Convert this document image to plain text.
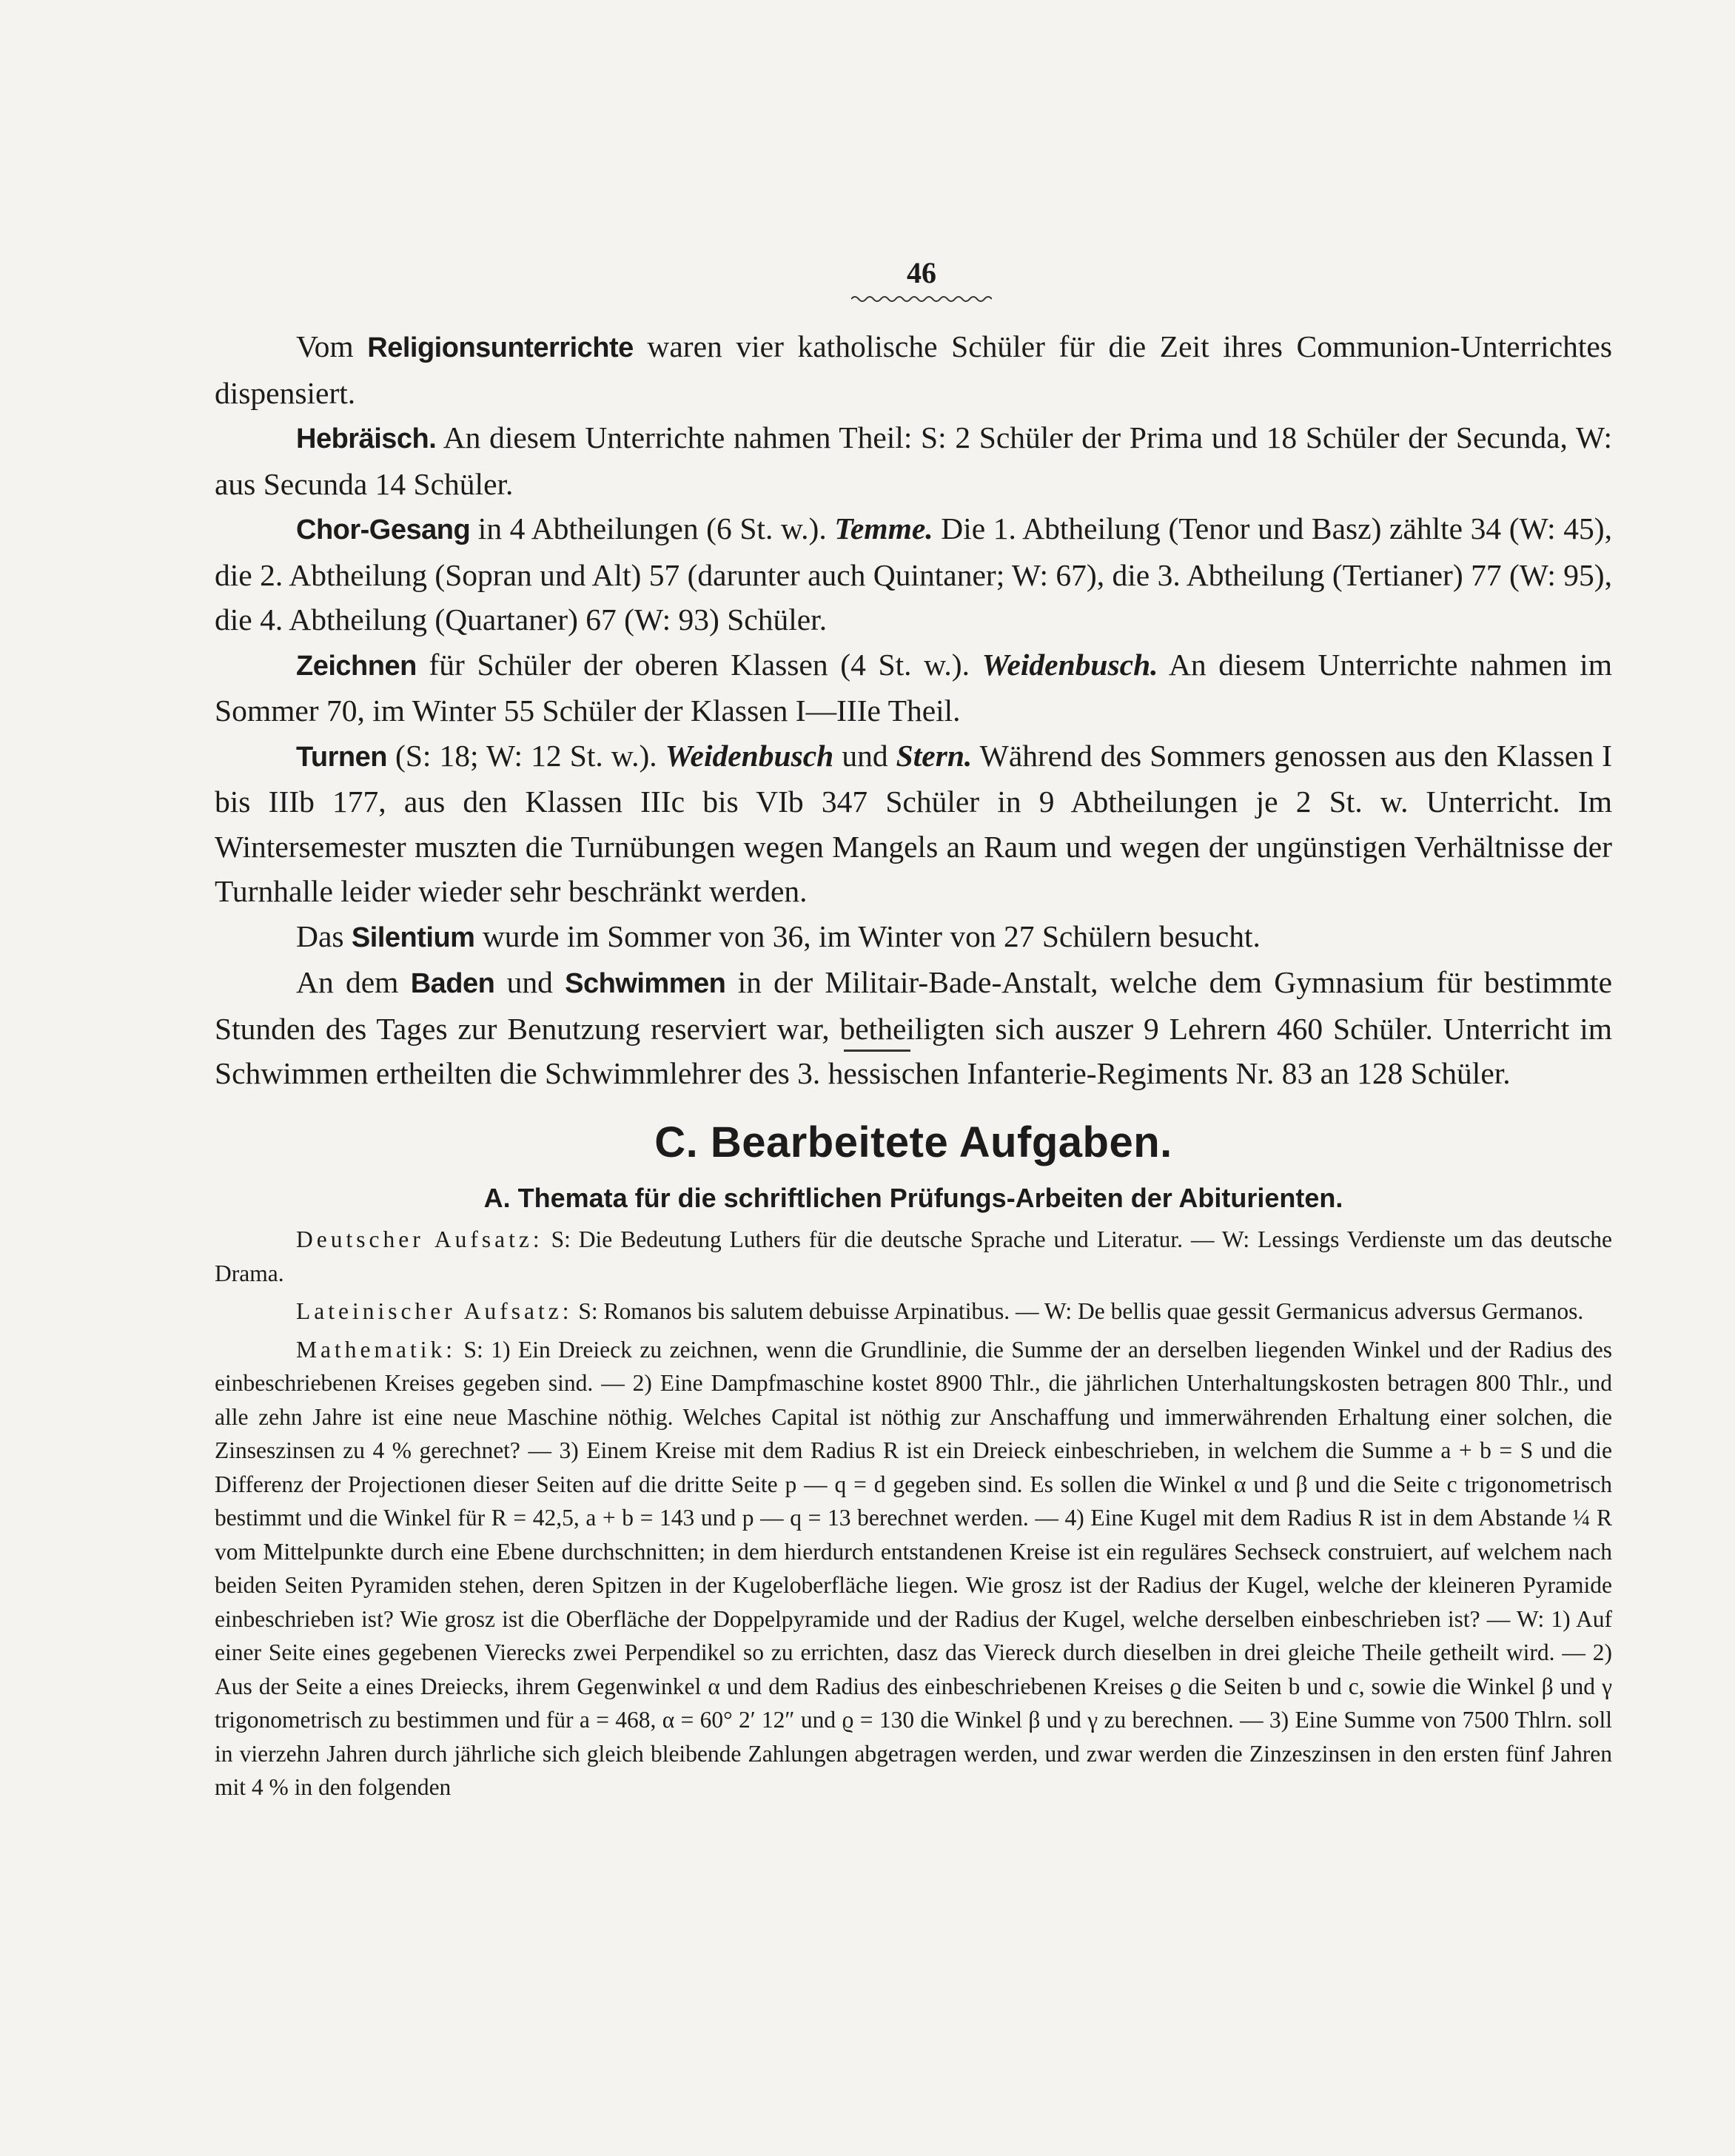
46

Vom Religionsunterrichte waren vier katholische Schüler für die Zeit ihres Communion-Unterrichtes dispensiert.

Hebräisch. An diesem Unterrichte nahmen Theil: S: 2 Schüler der Prima und 18 Schüler der Secunda, W: aus Secunda 14 Schüler.

Chor-Gesang in 4 Abtheilungen (6 St. w.). Temme. Die 1. Abtheilung (Tenor und Basz) zählte 34 (W: 45), die 2. Abtheilung (Sopran und Alt) 57 (darunter auch Quintaner; W: 67), die 3. Abtheilung (Tertianer) 77 (W: 95), die 4. Abtheilung (Quartaner) 67 (W: 93) Schüler.

Zeichnen für Schüler der oberen Klassen (4 St. w.). Weidenbusch. An diesem Unterrichte nahmen im Sommer 70, im Winter 55 Schüler der Klassen I—IIIe Theil.

Turnen (S: 18; W: 12 St. w.). Weidenbusch und Stern. Während des Sommers genossen aus den Klassen I bis IIIb 177, aus den Klassen IIIc bis VIb 347 Schüler in 9 Abtheilungen je 2 St. w. Unterricht. Im Wintersemester muszten die Turnübungen wegen Mangels an Raum und wegen der ungünstigen Verhältnisse der Turnhalle leider wieder sehr beschränkt werden.

Das Silentium wurde im Sommer von 36, im Winter von 27 Schülern besucht.

An dem Baden und Schwimmen in der Militair-Bade-Anstalt, welche dem Gymnasium für bestimmte Stunden des Tages zur Benutzung reserviert war, betheiligten sich auszer 9 Lehrern 460 Schüler. Unterricht im Schwimmen ertheilten die Schwimmlehrer des 3. hessischen Infanterie-Regiments Nr. 83 an 128 Schüler.

C. Bearbeitete Aufgaben.
A. Themata für die schriftlichen Prüfungs-Arbeiten der Abiturienten.

Deutscher Aufsatz: S: Die Bedeutung Luthers für die deutsche Sprache und Literatur. — W: Lessings Verdienste um das deutsche Drama.

Lateinischer Aufsatz: S: Romanos bis salutem debuisse Arpinatibus. — W: De bellis quae gessit Germanicus adversus Germanos.

Mathematik: S: 1) Ein Dreieck zu zeichnen, wenn die Grundlinie, die Summe der an derselben liegenden Winkel und der Radius des einbeschriebenen Kreises gegeben sind. — 2) Eine Dampfmaschine kostet 8900 Thlr., die jährlichen Unterhaltungskosten betragen 800 Thlr., und alle zehn Jahre ist eine neue Maschine nöthig. Welches Capital ist nöthig zur Anschaffung und immerwährenden Erhaltung einer solchen, die Zinseszinsen zu 4 % gerechnet? — 3) Einem Kreise mit dem Radius R ist ein Dreieck einbeschrieben, in welchem die Summe a + b = S und die Differenz der Projectionen dieser Seiten auf die dritte Seite p — q = d gegeben sind. Es sollen die Winkel α und β und die Seite c trigonometrisch bestimmt und die Winkel für R = 42,5, a + b = 143 und p — q = 13 berechnet werden. — 4) Eine Kugel mit dem Radius R ist in dem Abstande ¼ R vom Mittelpunkte durch eine Ebene durchschnitten; in dem hierdurch entstandenen Kreise ist ein reguläres Sechseck construiert, auf welchem nach beiden Seiten Pyramiden stehen, deren Spitzen in der Kugeloberfläche liegen. Wie grosz ist der Radius der Kugel, welche der kleineren Pyramide einbeschrieben ist? Wie grosz ist die Oberfläche der Doppelpyramide und der Radius der Kugel, welche derselben einbeschrieben ist? — W: 1) Auf einer Seite eines gegebenen Vierecks zwei Perpendikel so zu errichten, dasz das Viereck durch dieselben in drei gleiche Theile getheilt wird. — 2) Aus der Seite a eines Dreiecks, ihrem Gegenwinkel α und dem Radius des einbeschriebenen Kreises ϱ die Seiten b und c, sowie die Winkel β und γ trigonometrisch zu bestimmen und für a = 468, α = 60° 2′ 12″ und ϱ = 130 die Winkel β und γ zu berechnen. — 3) Eine Summe von 7500 Thlrn. soll in vierzehn Jahren durch jährliche sich gleich bleibende Zahlungen abgetragen werden, und zwar werden die Zinzeszinsen in den ersten fünf Jahren mit 4 % in den folgenden
